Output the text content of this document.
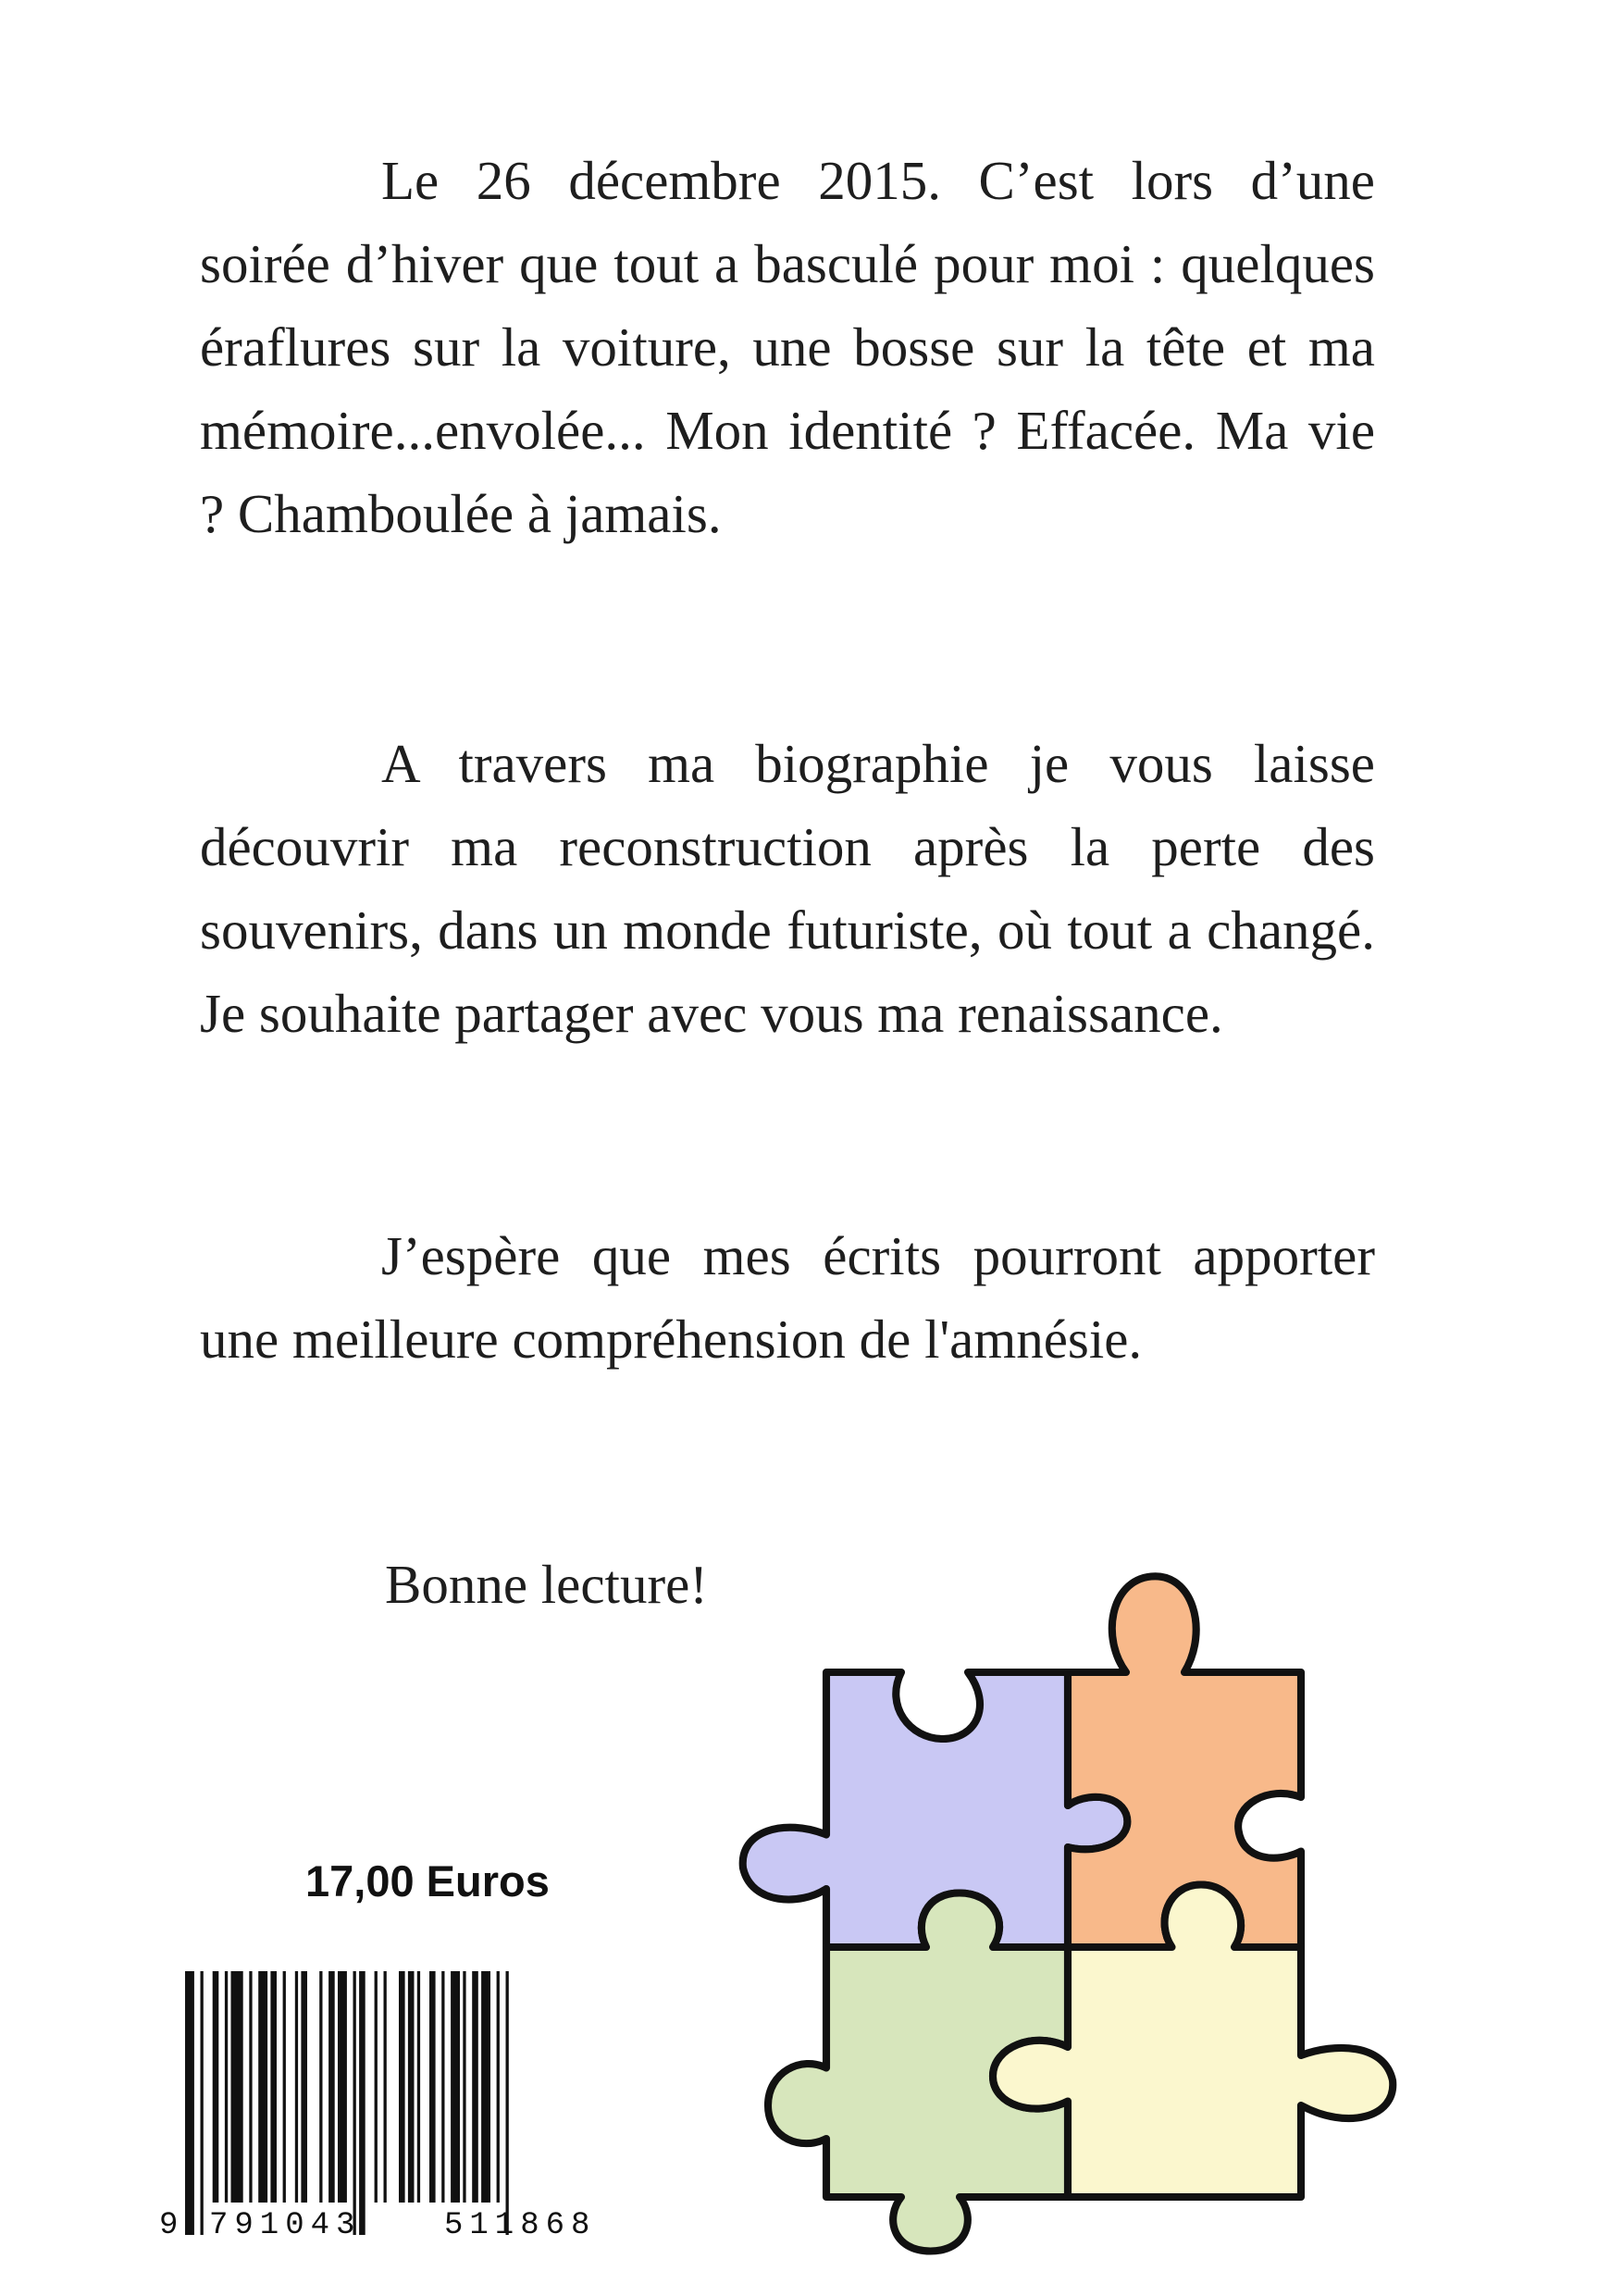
Le 26 décembre 2015. C’est lors d’une soirée d’hiver que tout a basculé pour moi : quelques éraflures sur la voiture, une bosse sur la tête et ma mémoire...envolée... Mon identité ? Effacée. Ma vie ? Chamboulée à jamais.

A travers ma biographie je vous laisse découvrir ma reconstruction après la perte des souvenirs, dans un monde futuriste, où tout a changé. Je souhaite partager avec vous ma renaissance.

J’espère que mes écrits pourront apporter une meilleure compréhension de l'amnésie.

Bonne lecture!

17,00 Euros
9 791043	511868
